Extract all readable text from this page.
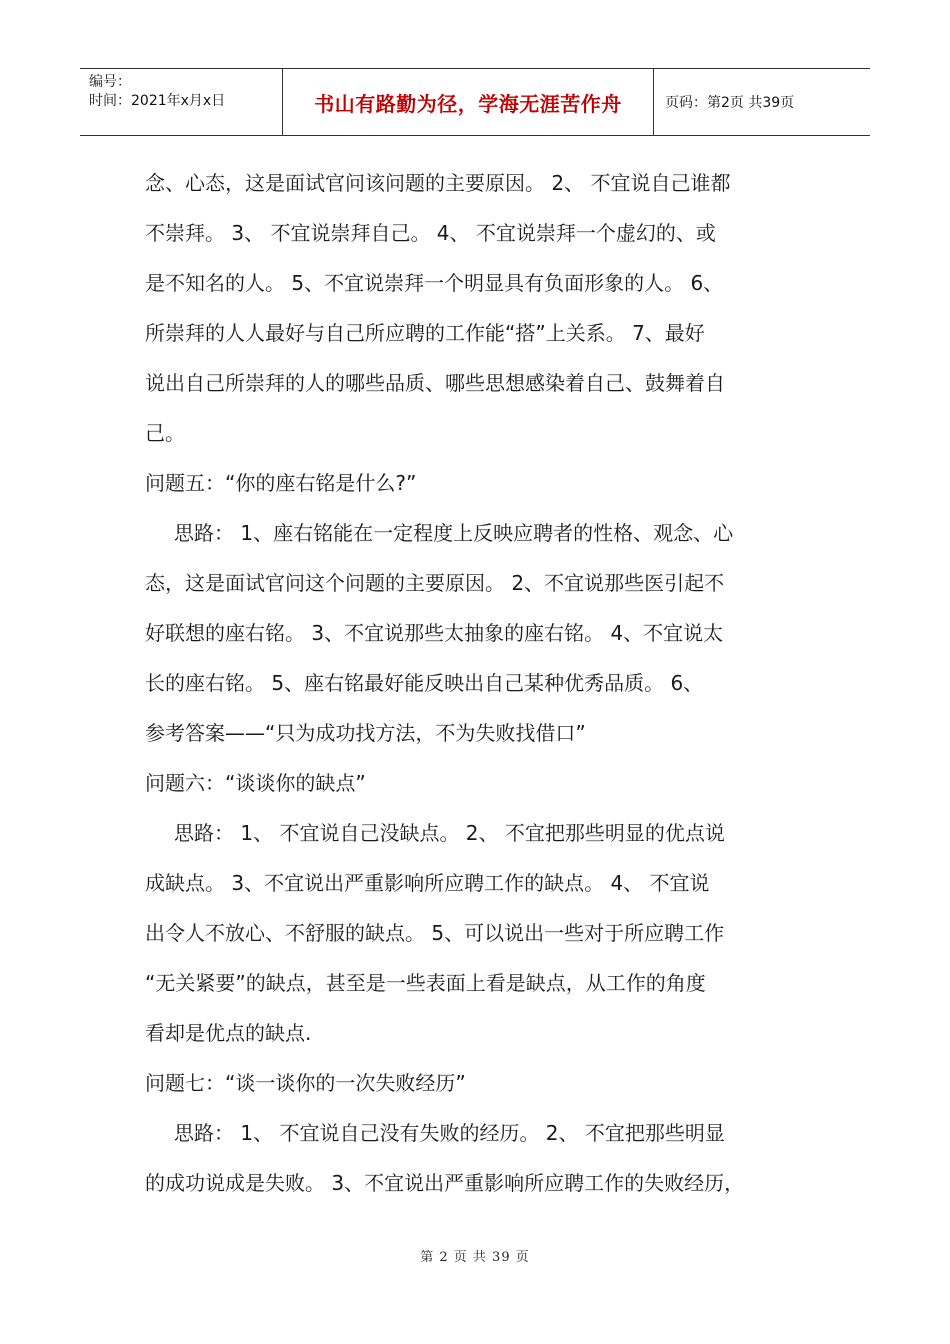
编号：
时间：2021年x月x日	书山有路勤为径，学海无涯苦作舟	页码：第2页 共39页
念、心态，这是面试官问该问题的主要原因。 2、 不宜说自己谁都
不崇拜。 3、 不宜说崇拜自己。 4、 不宜说崇拜一个虚幻的、或
是不知名的人。 5、不宜说崇拜一个明显具有负面形象的人。 6、
所崇拜的人人最好与自己所应聘的工作能“搭”上关系。 7、最好
说出自己所崇拜的人的哪些品质、哪些思想感染着自己、鼓舞着自
己。
问题五：“你的座右铭是什么?”
思路： 1、座右铭能在一定程度上反映应聘者的性格、观念、心
态，这是面试官问这个问题的主要原因。 2、不宜说那些医引起不
好联想的座右铭。 3、不宜说那些太抽象的座右铭。 4、不宜说太
长的座右铭。 5、座右铭最好能反映出自己某种优秀品质。 6、
参考答案——“只为成功找方法，不为失败找借口”
问题六：“谈谈你的缺点”
思路： 1、 不宜说自己没缺点。 2、 不宜把那些明显的优点说
成缺点。 3、不宜说出严重影响所应聘工作的缺点。 4、 不宜说
出令人不放心、不舒服的缺点。 5、可以说出一些对于所应聘工作
“无关紧要”的缺点，甚至是一些表面上看是缺点，从工作的角度
看却是优点的缺点.
问题七：“谈一谈你的一次失败经历”
思路： 1、 不宜说自己没有失败的经历。 2、 不宜把那些明显
的成功说成是失败。 3、不宜说出严重影响所应聘工作的失败经历，
第 2 页 共 39 页
